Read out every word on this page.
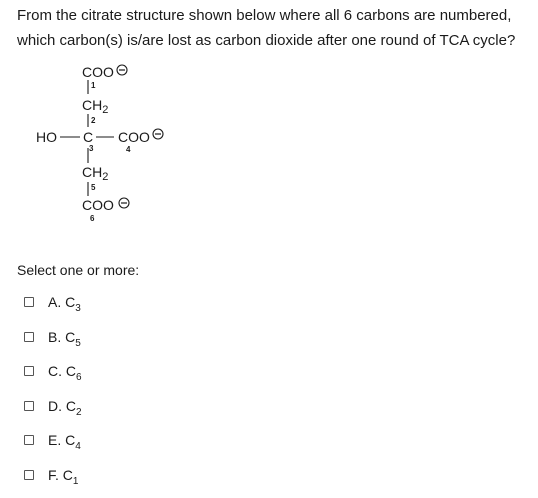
From the citrate structure shown below where all 6 carbons are numbered, which carbon(s) is/are lost as carbon dioxide after one round of TCA cycle?
COO
1
$CH_2$
2
HO C COO
3	4
$CH_2$
5
COO
6
Select one or more:
A. $C_3$
B. $C_5$
C. $C_6$
D. $C_2$
E. $C_4$
F. $C_1$
